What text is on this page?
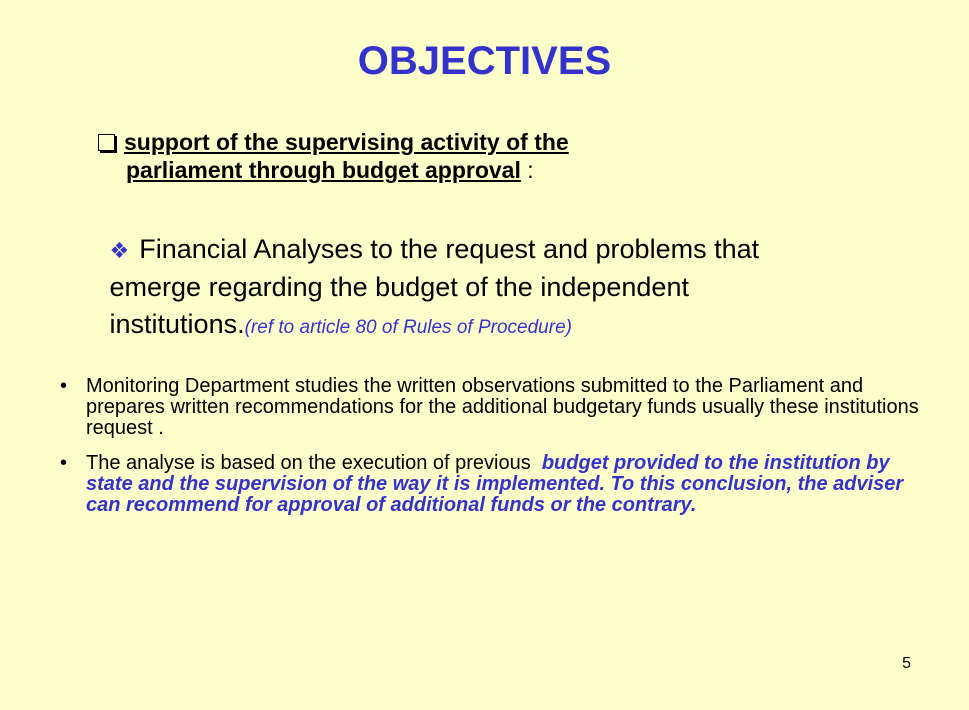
OBJECTIVES
support of the supervising activity of the
parliament through budget approval :
❖ Financial Analyses to the request and problems that
emerge regarding the budget of the independent
institutions.(ref to article 80 of Rules of Procedure)
• Monitoring Department studies the written observations submitted to the Parliament and prepares written recommendations for the additional budgetary funds usually these institutions request .
• The analyse is based on the execution of previous  budget provided to the institution by state and the supervision of the way it is implemented. To this conclusion, the adviser can recommend for approval of additional funds or the contrary.
5
